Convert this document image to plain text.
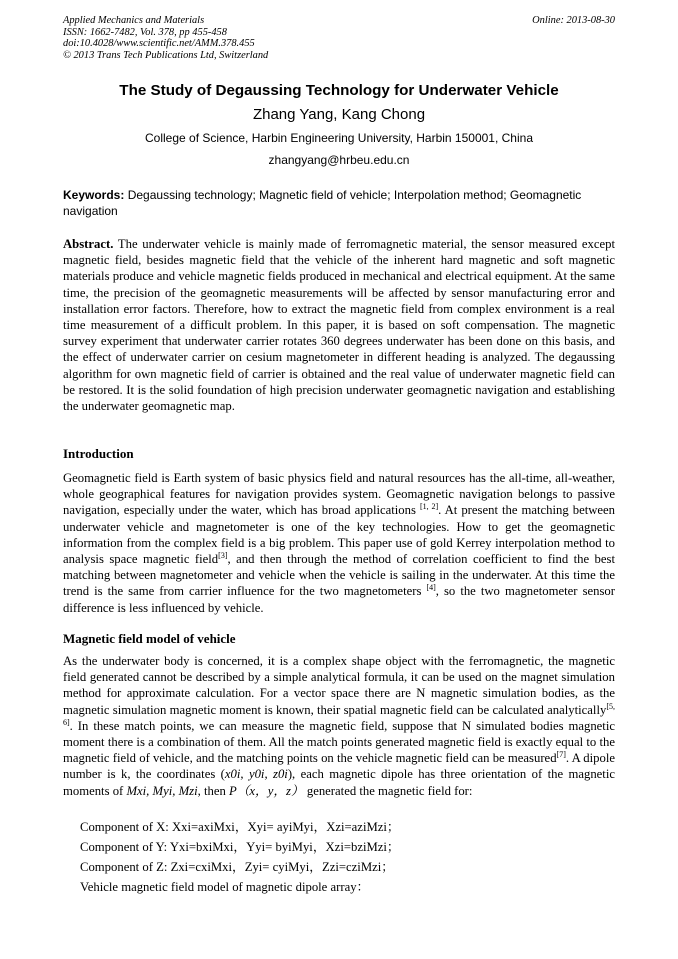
Applied Mechanics and Materials
ISSN: 1662-7482, Vol. 378, pp 455-458
doi:10.4028/www.scientific.net/AMM.378.455
© 2013 Trans Tech Publications Ltd, Switzerland
Online: 2013-08-30
The Study of Degaussing Technology for Underwater Vehicle
Zhang Yang, Kang Chong
College of Science, Harbin Engineering University, Harbin 150001, China
zhangyang@hrbeu.edu.cn
Keywords: Degaussing technology; Magnetic field of vehicle; Interpolation method; Geomagnetic navigation
Abstract. The underwater vehicle is mainly made of ferromagnetic material, the sensor measured except magnetic field, besides magnetic field that the vehicle of the inherent hard magnetic and soft magnetic materials produce and vehicle magnetic fields produced in mechanical and electrical equipment. At the same time, the precision of the geomagnetic measurements will be affected by sensor manufacturing error and installation error factors. Therefore, how to extract the magnetic field from complex environment is a real time measurement of a difficult problem. In this paper, it is based on soft compensation. The magnetic survey experiment that underwater carrier rotates 360 degrees underwater has been done on this basis, and the effect of underwater carrier on cesium magnetometer in different heading is analyzed. The degaussing algorithm for own magnetic field of carrier is obtained and the real value of underwater magnetic field can be restored. It is the solid foundation of high precision underwater geomagnetic navigation and establishing the underwater geomagnetic map.
Introduction
Geomagnetic field is Earth system of basic physics field and natural resources has the all-time, all-weather, whole geographical features for navigation provides system. Geomagnetic navigation belongs to passive navigation, especially under the water, which has broad applications [1, 2]. At present the matching between underwater vehicle and magnetometer is one of the key technologies. How to get the geomagnetic information from the complex field is a big problem. This paper use of gold Kerrey interpolation method to analysis space magnetic field[3], and then through the method of correlation coefficient to find the best matching between magnetometer and vehicle when the vehicle is sailing in the underwater. At this time the trend is the same from carrier influence for the two magnetometers [4], so the two magnetometer sensor difference is less influenced by vehicle.
Magnetic field model of vehicle
As the underwater body is concerned, it is a complex shape object with the ferromagnetic, the magnetic field generated cannot be described by a simple analytical formula, it can be used on the magnet simulation method for approximate calculation. For a vector space there are N magnetic simulation bodies, as the magnetic simulation magnetic moment is known, their spatial magnetic field can be calculated analytically[5, 6]. In these match points, we can measure the magnetic field, suppose that N simulated bodies magnetic moment there is a combination of them. All the match points generated magnetic field is exactly equal to the magnetic field of vehicle, and the matching points on the vehicle magnetic field can be measured[7]. A dipole number is k, the coordinates (x0i, y0i, z0i), each magnetic dipole has three orientation of the magnetic moments of Mxi, Myi, Mzi, then P（x，y，z） generated the magnetic field for:
Component of X: Xxi=axiMxi，Xyi= ayiMyi，Xzi=aziMzi；
Component of Y: Yxi=bxiMxi，Yyi= byiMyi，Xzi=bziMzi；
Component of Z: Zxi=cxiMxi，Zyi= cyiMyi，Zzi=cziMzi；
Vehicle magnetic field model of magnetic dipole array：
